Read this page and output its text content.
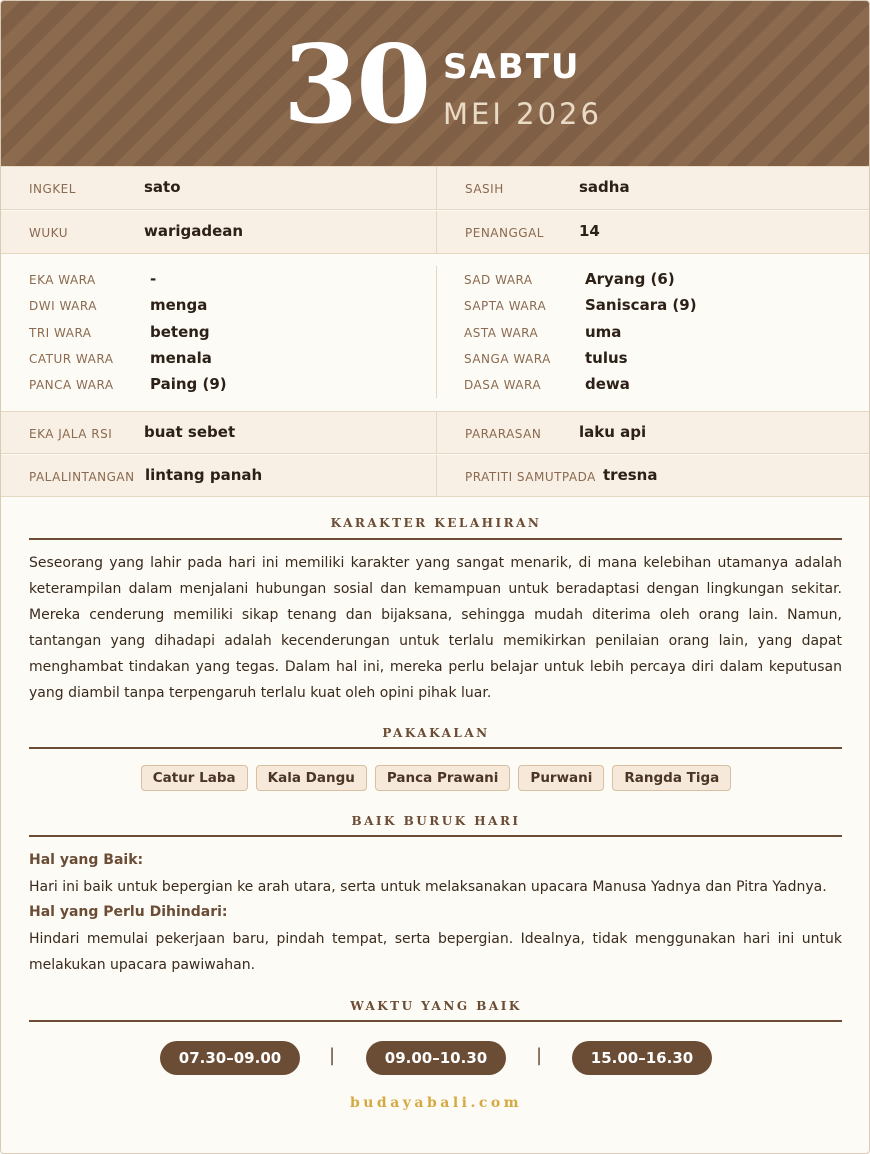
30 SABTU
MEI 2026
INGKEL	sato	SASIH	sadha
WUKU	warigadean	PENANGGAL 14
EKA WARA	-
DWI WARA	menga
TRI WARA	beteng
CATUR WARA menala
PANCA WARA Paing (9)
SAD WARA	Aryang (6)
SAPTA WARA	Saniscara (9)
ASTA WARA	uma
SANGA WARA tulus
DASA WARA	dewa
EKA JALA RSI buat sebet	PARARASAN	laku api
PALALINTANGAN lintang panah	PRATITI SAMUTPADA tresna
KARAKTER KELAHIRAN
Seseorang yang lahir pada hari ini memiliki karakter yang sangat menarik, di mana kelebihan utamanya adalah keterampilan dalam menjalani hubungan sosial dan kemampuan untuk beradaptasi dengan lingkungan sekitar. Mereka cenderung memiliki sikap tenang dan bijaksana, sehingga mudah diterima oleh orang lain. Namun, tantangan yang dihadapi adalah kecenderungan untuk terlalu memikirkan penilaian orang lain, yang dapat menghambat tindakan yang tegas. Dalam hal ini, mereka perlu belajar untuk lebih percaya diri dalam keputusan yang diambil tanpa terpengaruh terlalu kuat oleh opini pihak luar.
PAKAKALAN
Catur Laba	Kala Dangu	Panca Prawani	Purwani	Rangda Tiga
BAIK BURUK HARI
Hal yang Baik:
Hari ini baik untuk bepergian ke arah utara, serta untuk melaksanakan upacara Manusa Yadnya dan Pitra Yadnya.
Hal yang Perlu Dihindari:
Hindari memulai pekerjaan baru, pindah tempat, serta bepergian. Idealnya, tidak menggunakan hari ini untuk melakukan upacara pawiwahan.
WAKTU YANG BAIK
07.30–09.00	|	09.00–10.30	|	15.00–16.30
budayabali.com
